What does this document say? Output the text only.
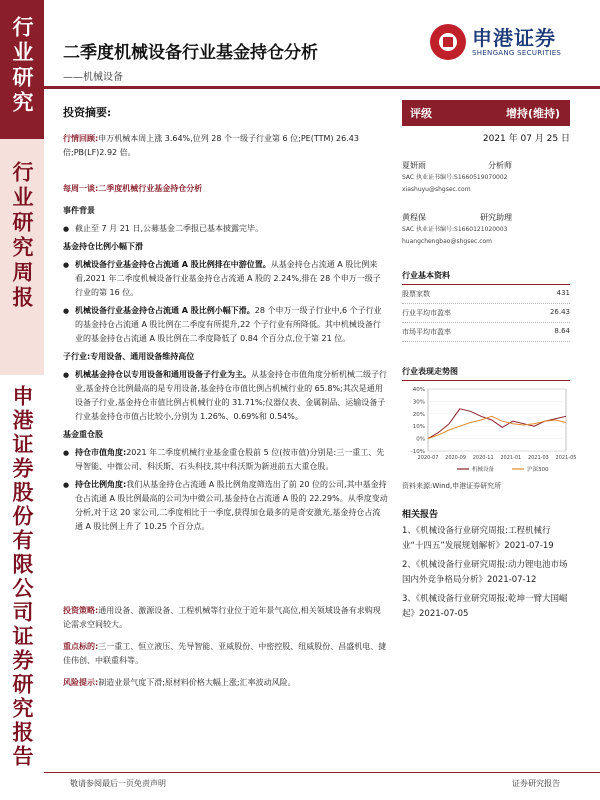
行业研究
行业研究周报
申港证券股份有限公司证券研究报告
二季度机械设备行业基金持仓分析
——机械设备
申港证券
SHENGANG SECURITIES
投资摘要:
行情回顾:申万机械本周上涨 3.64%,位列 28 个一级子行业第 6 位;PE(TTM) 26.43 倍;PB(LF)2.92 倍。
每周一谈:二季度机械行业基金持仓分析
事件背景
● 截止至 7 月 21 日,公募基金二季报已基本披露完毕。
基金持仓比例小幅下滑
● 机械设备行业基金持仓占流通 A 股比例排在中游位置。从基金持仓占流通 A 股比例来看,2021 年二季度机械设备行业基金持仓占流通 A 股的 2.24%,排在 28 个申万一级子行业的第 16 位。
● 机械设备行业基金持仓占流通 A 股比例小幅下滑。28 个申万一级子行业中,6 个子行业的基金持仓占流通 A 股比例在二季度有所提升,22 个子行业有所降低。其中机械设备行业的基金持仓占流通 A 股比例在二季度降低了 0.84 个百分点,位于第 21 位。
子行业:专用设备、通用设备维持高位
● 机械基金持仓以专用设备和通用设备子行业为主。从基金持仓市值角度分析机械二级子行业,基金持仓比例最高的是专用设备,基金持仓市值比例占机械行业的 65.8%;其次是通用设备子行业,基金持仓市值比例占机械行业的 31.71%;仪器仪表、金属制品、运输设备子行业基金持仓市值占比较小,分别为 1.26%、0.69%和 0.54%。
基金重仓股
● 持仓市值角度:2021 年二季度机械行业基金重仓股前 5 位(按市值)分别是:三一重工、先导智能、中微公司、科沃斯、石头科技,其中科沃斯为新进前五大重仓股。
● 持仓比例角度:我们从基金持仓占流通 A 股比例角度筛选出了前 20 位的公司,其中基金持仓占流通 A 股比例最高的公司为中微公司,基金持仓占流通 A 股的 22.29%。从季度变动分析,对于这 20 家公司,二季度相比于一季度,获得加仓最多的是奇安激光,基金持仓占流通 A 股比例上升了 10.25 个百分点。
投资策略:通用设备、激源设备、工程机械等行业位于近年景气高位,相关领域设备有求购现论需求空间较大。
重点标的:三一重工、恒立液压、先导智能、亚威股份、中密控股、纽威股份、昌盛机电、捷佳伟创、中联重科等。
风险提示:制造业景气度下滑;原材料价格大幅上涨;汇率波动风险。
评级	增持(维持)
2021 年 07 月 25 日
夏妍雨	分析师
SAC 执业证书编号:S1660519070002
xiashuyu@shgsec.com
黄程保	研究助理
SAC 执业证书编号:S1660121020003
huangchengbao@shgsec.com
行业基本资料
股票家数	431
行业平均市盈率	26.43
市场平均市盈率	8.64
行业表现走势图
40%
30%
20%
10%
0%
-10%
2020-07 2020-09 2020-11 2021-01 2021-03 2021-05
机械设备	沪深300
资料来源:Wind,申港证券研究所
相关报告
1、《机械设备行业研究周报:工程机械行业“十四五”发展规划解析》2021-07-19
2、《机械设备行业研究周报:动力锂电池市场国内外竞争格局分析》2021-07-12
3、《机械设备行业研究周报:乾坤一臂大国崛起》2021-07-05
敬请参阅最后一页免责声明	证券研究报告
